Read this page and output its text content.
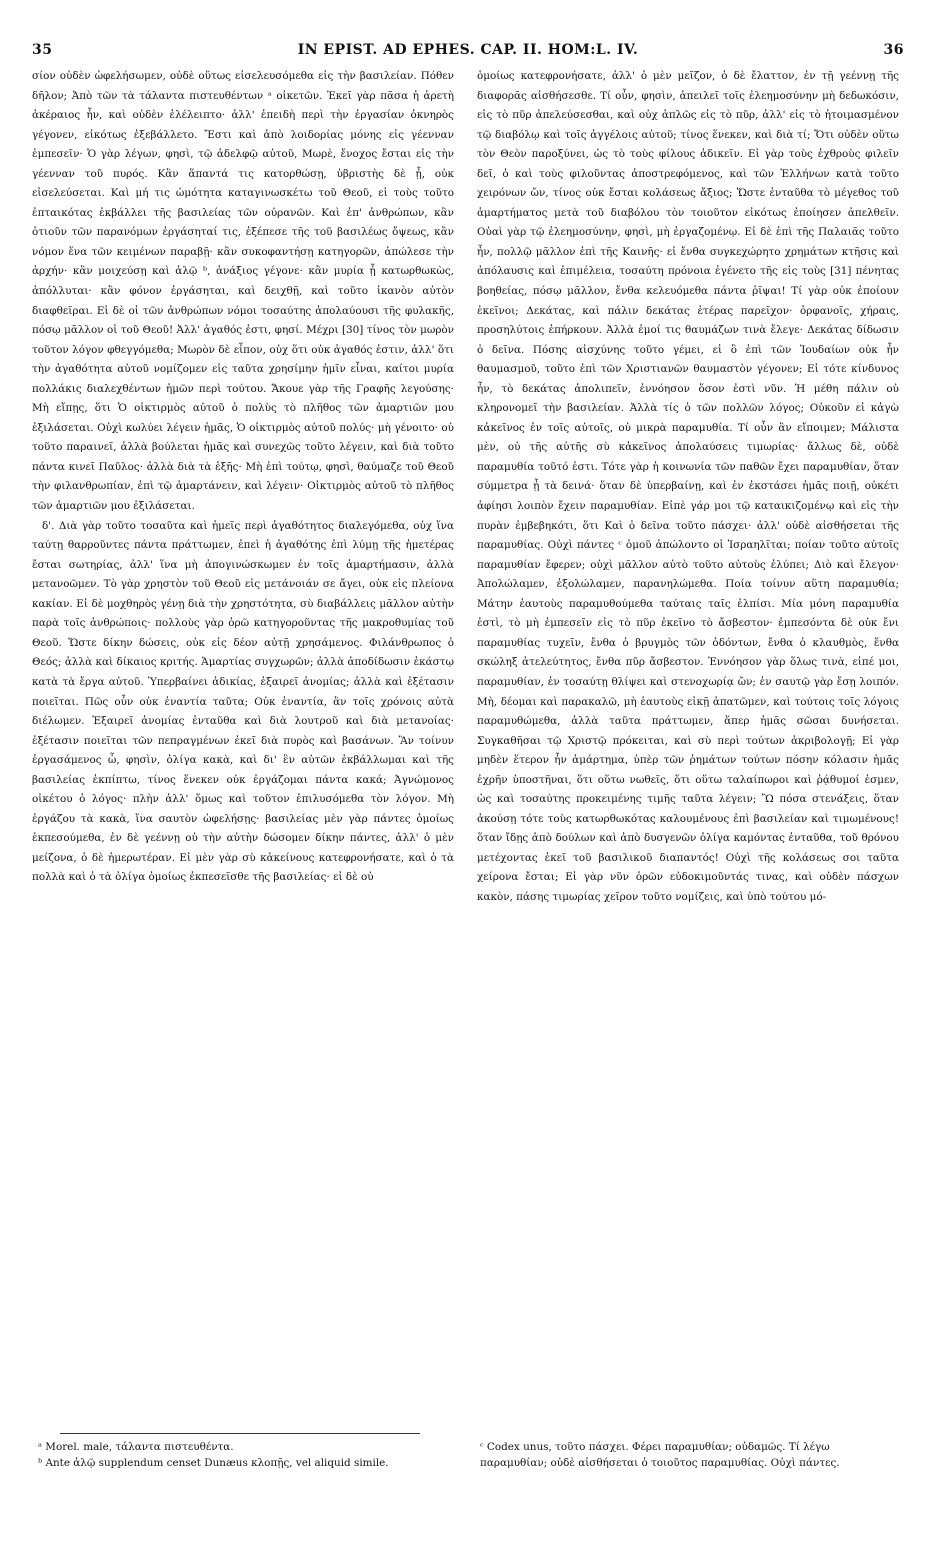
35	IN EPIST. AD EPHES. CAP. II. HOM:L. IV.	36

σίον οὐδὲν ὠφελήσωμεν, οὐδὲ οὕτως εἰσελευσόμεθα εἰς τὴν βασιλείαν. Πόθεν δῆλον; Ἀπὸ τῶν τὰ τάλαντα πιστευθέντων ᵃ οἰκετῶν. Ἐκεῖ γὰρ πᾶσα ἡ ἀρετὴ ἀκέραιος ἦν, καὶ οὐδὲν ἐλέλειπτο· ἀλλ' ἐπειδὴ περὶ τὴν ἐργασίαν ὀκνηρὸς γέγονεν, εἰκότως ἐξεβάλλετο. Ἔστι καὶ ἀπὸ λοιδορίας μόνης εἰς γέενναν ἐμπεσεῖν· Ὁ γὰρ λέγων, φησὶ, τῷ ἀδελφῷ αὐτοῦ, Μωρὲ, ἔνοχος ἔσται εἰς τὴν γέενναν τοῦ πυρός. Κἂν ἅπαντά τις κατορθώσῃ, ὑβριστὴς δὲ ᾖ, οὐκ εἰσελεύσεται. Καὶ μή τις ὠμότητα καταγινωσκέτω τοῦ Θεοῦ, εἰ τοὺς τοῦτο ἐπταικότας ἐκβάλλει τῆς βασιλείας τῶν οὐρανῶν. Καὶ ἐπ' ἀνθρώπων, κἂν ὁτιοῦν τῶν παρανόμων ἐργάσηταί τις, ἐξέπεσε τῆς τοῦ βασιλέως ὄψεως, κἂν νόμον ἕνα τῶν κειμένων παραβῇ· κἂν συκοφαντήσῃ κατηγορῶν, ἀπώλεσε τὴν ἀρχήν· κἂν μοιχεύσῃ καὶ ἁλῷ ᵇ, ἀνάξιος γέγονε· κἂν μυρία ᾖ κατωρθωκὼς, ἀπόλλυται· κἂν φόνον ἐργάσηται, καὶ δειχθῇ, καὶ τοῦτο ἱκανὸν αὐτὸν διαφθεῖραι. Εἰ δὲ οἱ τῶν ἀνθρώπων νόμοι τοσαύτης ἀπολαύουσι τῆς φυλακῆς, πόσῳ μᾶλλον οἱ τοῦ Θεοῦ! Ἀλλ' ἀγαθός ἐστι, φησί. Μέχρι [30] τίνος τὸν μωρὸν τοῦτον λόγον φθεγγόμεθα; Μωρὸν δὲ εἶπον, οὐχ ὅτι οὐκ ἀγαθός ἐστιν, ἀλλ' ὅτι τὴν ἀγαθότητα αὐτοῦ νομίζομεν εἰς ταῦτα χρησίμην ἡμῖν εἶναι, καίτοι μυρία πολλάκις διαλεχθέντων ἡμῶν περὶ τούτου. Ἄκουε γὰρ τῆς Γραφῆς λεγούσης· Μὴ εἴπῃς, ὅτι Ὁ οἰκτιρμὸς αὐτοῦ ὁ πολὺς τὸ πλῆθος τῶν ἁμαρτιῶν μου ἐξιλάσεται. Οὐχὶ κωλύει λέγειν ἡμᾶς, Ὁ οἰκτιρμὸς αὐτοῦ πολύς· μὴ γένοιτο· οὐ τοῦτο παραινεῖ, ἀλλὰ βούλεται ἡμᾶς καὶ συνεχῶς τοῦτο λέγειν, καὶ διὰ τοῦτο πάντα κινεῖ Παῦλος· ἀλλὰ διὰ τὰ ἑξῆς· Μὴ ἐπὶ τούτῳ, φησὶ, θαύμαζε τοῦ Θεοῦ τὴν φιλανθρωπίαν, ἐπὶ τῷ ἁμαρτάνειν, καὶ λέγειν· Οἰκτιρμὸς αὐτοῦ τὸ πλῆθος τῶν ἁμαρτιῶν μου ἐξιλάσεται.

δ'. Διὰ γὰρ τοῦτο τοσαῦτα καὶ ἡμεῖς περὶ ἀγαθότητος διαλεγόμεθα, οὐχ ἵνα ταύτῃ θαρροῦντες πάντα πράττωμεν, ἐπεὶ ἡ ἀγαθότης ἐπὶ λύμῃ τῆς ἡμετέρας ἔσται σωτηρίας, ἀλλ' ἵνα μὴ ἀπογινώσκωμεν ἐν τοῖς ἁμαρτήμασιν, ἀλλὰ μετανοῶμεν. Τὸ γὰρ χρηστὸν τοῦ Θεοῦ εἰς μετάνοιάν σε ἄγει, οὐκ εἰς πλείονα κακίαν. Εἰ δὲ μοχθηρὸς γένῃ διὰ τὴν χρηστότητα, σὺ διαβάλλεις μᾶλλον αὐτὴν παρὰ τοῖς ἀνθρώποις· πολλοὺς γὰρ ὁρῶ κατηγοροῦντας τῆς μακροθυμίας τοῦ Θεοῦ. Ὥστε δίκην δώσεις, οὐκ εἰς δέον αὐτῇ χρησάμενος. Φιλάνθρωπος ὁ Θεός; ἀλλὰ καὶ δίκαιος κριτής. Ἁμαρτίας συγχωρῶν; ἀλλὰ ἀποδίδωσιν ἑκάστῳ κατὰ τὰ ἔργα αὐτοῦ. Ὑπερβαίνει ἀδικίας, ἐξαιρεῖ ἀνομίας; ἀλλὰ καὶ ἐξέτασιν ποιεῖται. Πῶς οὖν οὐκ ἐναντία ταῦτα; Οὐκ ἐναντία, ἂν τοῖς χρόνοις αὐτὰ διέλωμεν. Ἐξαιρεῖ ἀνομίας ἐνταῦθα καὶ διὰ λουτροῦ καὶ διὰ μετανοίας· ἐξέτασιν ποιεῖται τῶν πεπραγμένων ἐκεῖ διὰ πυρὸς καὶ βασάνων. Ἂν τοίνυν ἐργασάμενος ὦ, φησὶν, ὀλίγα κακὰ, καὶ δι' ἓν αὐτῶν ἐκβάλλωμαι καὶ τῆς βασιλείας ἐκπίπτω, τίνος ἕνεκεν οὐκ ἐργάζομαι πάντα κακά; Ἀγνώμονος οἰκέτου ὁ λόγος· πλὴν ἀλλ' ὅμως καὶ τοῦτον ἐπιλυσόμεθα τὸν λόγον. Μὴ ἐργάζου τὰ κακὰ, ἵνα σαυτὸν ὠφελήσῃς· βασιλείας μὲν γὰρ πάντες ὁμοίως ἐκπεσούμεθα, ἐν δὲ γεέννῃ οὐ τὴν αὐτὴν δώσομεν δίκην πάντες, ἀλλ' ὁ μὲν μείζονα, ὁ δὲ ἡμερωτέραν. Εἰ μὲν γὰρ σὺ κἀκείνους κατεφρονήσατε, καὶ ὁ τὰ πολλὰ καὶ ὁ τὰ ὀλίγα ὁμοίως ἐκπεσεῖσθε τῆς βασιλείας· εἰ δὲ οὐ

ὁμοίως κατεφρονήσατε, ἀλλ' ὁ μὲν μεῖζον, ὁ δὲ ἔλαττον, ἐν τῇ γεέννῃ τῆς διαφορᾶς αἰσθήσεσθε. Τί οὖν, φησὶν, ἀπειλεῖ τοῖς ἐλεημοσύνην μὴ δεδωκόσιν, εἰς τὸ πῦρ ἀπελεύσεσθαι, καὶ οὐχ ἁπλῶς εἰς τὸ πῦρ, ἀλλ' εἰς τὸ ἡτοιμασμένον τῷ διαβόλῳ καὶ τοῖς ἀγγέλοις αὐτοῦ; τίνος ἕνεκεν, καὶ διὰ τί; Ὅτι οὐδὲν οὕτω τὸν Θεὸν παροξύνει, ὡς τὸ τοὺς φίλους ἀδικεῖν. Εἰ γὰρ τοὺς ἐχθροὺς φιλεῖν δεῖ, ὁ καὶ τοὺς φιλοῦντας ἀποστρεφόμενος, καὶ τῶν Ἑλλήνων κατὰ τοῦτο χειρόνων ὤν, τίνος οὐκ ἔσται κολάσεως ἄξιος; Ὥστε ἐνταῦθα τὸ μέγεθος τοῦ ἁμαρτήματος μετὰ τοῦ διαβόλου τὸν τοιοῦτον εἰκότως ἐποίησεν ἀπελθεῖν. Οὐαὶ γὰρ τῷ ἐλεημοσύνην, φησὶ, μὴ ἐργαζομένῳ. Εἰ δὲ ἐπὶ τῆς Παλαιᾶς τοῦτο ἦν, πολλῷ μᾶλλον ἐπὶ τῆς Καινῆς· εἰ ἔνθα συγκεχώρητο χρημάτων κτῆσις καὶ ἀπόλαυσις καὶ ἐπιμέλεια, τοσαύτη πρόνοια ἐγένετο τῆς εἰς τοὺς [31] πένητας βοηθείας, πόσῳ μᾶλλον, ἔνθα κελευόμεθα πάντα ῥῖψαι! Τί γὰρ οὐκ ἐποίουν ἐκεῖνοι; Δεκάτας, καὶ πάλιν δεκάτας ἑτέρας παρεῖχον· ὀρφανοῖς, χήραις, προσηλύτοις ἐπήρκουν. Ἀλλὰ ἐμοί τις θαυμάζων τινὰ ἔλεγε· Δεκάτας δίδωσιν ὁ δεῖνα. Πόσης αἰσχύνης τοῦτο γέμει, εἰ ὃ ἐπὶ τῶν Ἰουδαίων οὐκ ἦν θαυμασμοῦ, τοῦτο ἐπὶ τῶν Χριστιανῶν θαυμαστὸν γέγονεν; Εἰ τότε κίνδυνος ἦν, τὸ δεκάτας ἀπολιπεῖν, ἐννόησον ὅσον ἐστὶ νῦν. Ἡ μέθη πάλιν οὐ κληρονομεῖ τὴν βασιλείαν. Ἀλλὰ τίς ὁ τῶν πολλῶν λόγος; Οὐκοῦν εἰ κἀγὼ κἀκεῖνος ἐν τοῖς αὐτοῖς, οὐ μικρὰ παραμυθία. Τί οὖν ἂν εἴποιμεν; Μάλιστα μὲν, οὐ τῆς αὐτῆς σὺ κἀκεῖνος ἀπολαύσεις τιμωρίας· ἄλλως δὲ, οὐδὲ παραμυθία τοῦτό ἐστι. Τότε γὰρ ἡ κοινωνία τῶν παθῶν ἔχει παραμυθίαν, ὅταν σύμμετρα ᾖ τὰ δεινά· ὅταν δὲ ὑπερβαίνῃ, καὶ ἐν ἐκστάσει ἡμᾶς ποιῇ, οὐκέτι ἀφίησι λοιπὸν ἔχειν παραμυθίαν. Εἰπὲ γάρ μοι τῷ καταικιζομένῳ καὶ εἰς τὴν πυρὰν ἐμβεβηκότι, ὅτι Καὶ ὁ δεῖνα τοῦτο πάσχει· ἀλλ' οὐδὲ αἰσθήσεται τῆς παραμυθίας. Οὐχὶ πάντες ᶜ ὁμοῦ ἀπώλοντο οἱ Ἰσραηλῖται; ποίαν τοῦτο αὐτοῖς παραμυθίαν ἔφερεν; οὐχὶ μᾶλλον αὐτὸ τοῦτο αὐτοὺς ἐλύπει; Διὸ καὶ ἔλεγον· Ἀπολώλαμεν, ἐξολώλαμεν, παρανηλώμεθα. Ποία τοίνυν αὕτη παραμυθία; Μάτην ἑαυτοὺς παραμυθούμεθα ταύταις ταῖς ἐλπίσι. Μία μόνη παραμυθία ἐστὶ, τὸ μὴ ἐμπεσεῖν εἰς τὸ πῦρ ἐκεῖνο τὸ ἄσβεστον· ἐμπεσόντα δὲ οὐκ ἔνι παραμυθίας τυχεῖν, ἔνθα ὁ βρυγμὸς τῶν ὀδόντων, ἔνθα ὁ κλαυθμὸς, ἔνθα σκώληξ ἀτελεύτητος, ἔνθα πῦρ ἄσβεστον. Ἐννόησον γὰρ ὅλως τινὰ, εἰπέ μοι, παραμυθίαν, ἐν τοσαύτῃ θλίψει καὶ στενοχωρίᾳ ὤν; ἐν σαυτῷ γὰρ ἔσῃ λοιπόν. Μὴ, δέομαι καὶ παρακαλῶ, μὴ ἑαυτοὺς εἰκῇ ἀπατῶμεν, καὶ τούτοις τοῖς λόγοις παραμυθώμεθα, ἀλλὰ ταῦτα πράττωμεν, ἅπερ ἡμᾶς σῶσαι δυνήσεται. Συγκαθῆσαι τῷ Χριστῷ πρόκειται, καὶ σὺ περὶ τούτων ἀκριβολογῇ; Εἰ γὰρ μηδὲν ἕτερον ἦν ἁμάρτημα, ὑπὲρ τῶν ῥημάτων τούτων πόσην κόλασιν ἡμᾶς ἐχρῆν ὑποστῆναι, ὅτι οὕτω νωθεῖς, ὅτι οὕτω ταλαίπωροι καὶ ῥᾴθυμοί ἐσμεν, ὡς καὶ τοσαύτης προκειμένης τιμῆς ταῦτα λέγειν; Ὢ πόσα στενάξεις, ὅταν ἀκούσῃ τότε τοὺς κατωρθωκότας καλουμένους ἐπὶ βασιλείαν καὶ τιμωμένους! ὅταν ἴδῃς ἀπὸ δούλων καὶ ἀπὸ δυσγενῶν ὀλίγα καμόντας ἐνταῦθα, τοῦ θρόνου μετέχοντας ἐκεῖ τοῦ βασιλικοῦ διαπαντός! Οὐχὶ τῆς κολάσεως σοι ταῦτα χείρονα ἔσται; Εἰ γὰρ νῦν ὁρῶν εὐδοκιμοῦντάς τινας, καὶ οὐδὲν πάσχων κακὸν, πάσης τιμωρίας χεῖρον τοῦτο νομίζεις, καὶ ὑπὸ τούτου μό-

ᵃ Morel. male, τάλαντα πιστευθέντα.

ᵇ Ante ἁλῷ supplendum censet Dunæus κλοπῇς, vel aliquid simile.

ᶜ Codex unus, τοῦτο πάσχει. Φέρει παραμυθίαν; οὐδαμῶς. Τί λέγω παραμυθίαν; οὐδὲ αἰσθήσεται ὁ τοιοῦτος παραμυθίας. Οὐχὶ πάντες.
